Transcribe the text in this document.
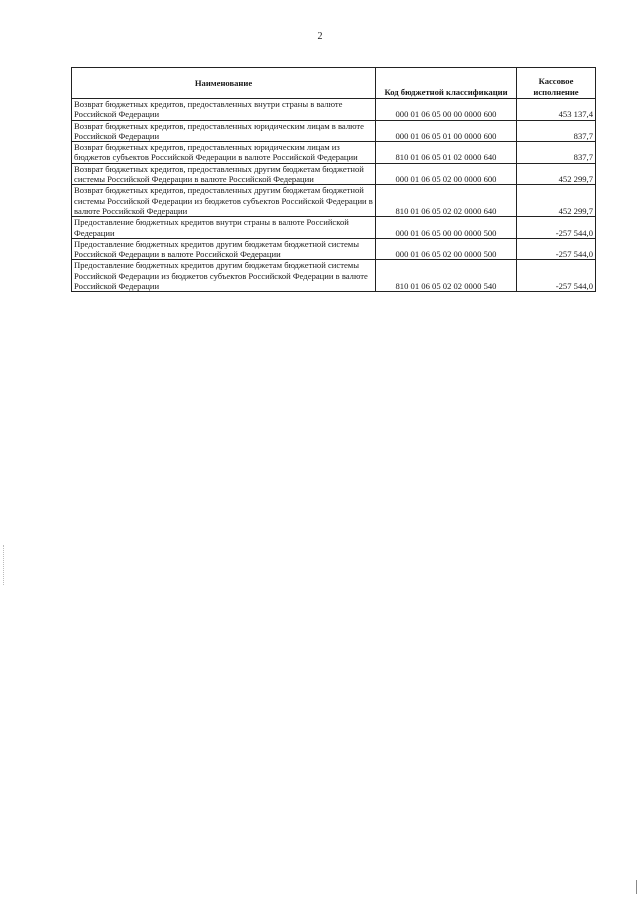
2
Наименование	Код бюджетной классификации	Кассовое исполнение
Возврат бюджетных кредитов, предоставленных внутри страны в валюте Российской Федерации	000 01 06 05 00 00 0000 600	453 137,4
Возврат бюджетных кредитов, предоставленных юридическим лицам в валюте Российской Федерации	000 01 06 05 01 00 0000 600	837,7
Возврат бюджетных кредитов, предоставленных юридическим лицам из бюджетов субъектов Российской Федерации в валюте Российской Федерации	810 01 06 05 01 02 0000 640	837,7
Возврат бюджетных кредитов, предоставленных другим бюджетам бюджетной системы Российской Федерации в валюте Российской Федерации	000 01 06 05 02 00 0000 600	452 299,7
Возврат бюджетных кредитов, предоставленных другим бюджетам бюджетной системы Российской Федерации из бюджетов субъектов Российской Федерации в валюте Российской Федерации	810 01 06 05 02 02 0000 640	452 299,7
Предоставление бюджетных кредитов внутри страны в валюте Российской Федерации	000 01 06 05 00 00 0000 500	-257 544,0
Предоставление бюджетных кредитов другим бюджетам бюджетной системы Российской Федерации в валюте Российской Федерации	000 01 06 05 02 00 0000 500	-257 544,0
Предоставление бюджетных кредитов другим бюджетам бюджетной системы Российской Федерации из бюджетов субъектов Российской Федерации в валюте Российской Федерации	810 01 06 05 02 02 0000 540	-257 544,0
